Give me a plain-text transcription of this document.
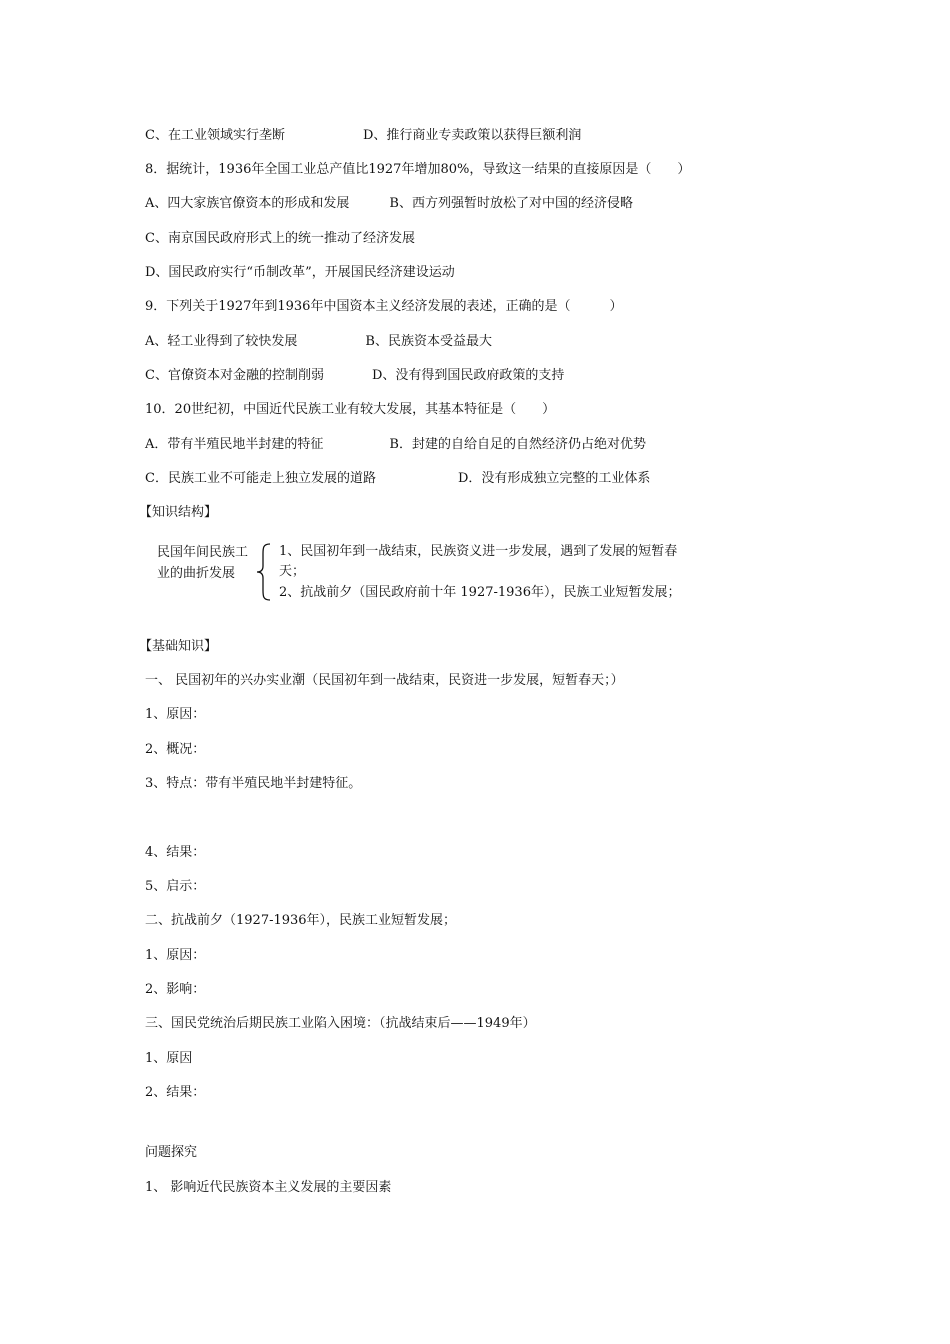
C、在工业领域实行垄断	D、推行商业专卖政策以获得巨额利润
8．据统计，1936年全国工业总产值比1927年增加80%，导致这一结果的直接原因是（　　）
A、四大家族官僚资本的形成和发展	B、西方列强暂时放松了对中国的经济侵略
C、南京国民政府形式上的统一推动了经济发展
D、国民政府实行“币制改革”，开展国民经济建设运动
9．下列关于1927年到1936年中国资本主义经济发展的表述，正确的是（　　　）
A、轻工业得到了较快发展	B、民族资本受益最大
C、官僚资本对金融的控制削弱	D、没有得到国民政府政策的支持
10．20世纪初，中国近代民族工业有较大发展，其基本特征是（　　）
A．带有半殖民地半封建的特征	B．封建的自给自足的自然经济仍占绝对优势
C．民族工业不可能走上独立发展的道路	D．没有形成独立完整的工业体系
【知识结构】
民国年间民族工业的曲折发展
1、民国初年到一战结束，民族资义进一步发展，遇到了发展的短暂春
天；
2、抗战前夕（国民政府前十年 1927-1936年），民族工业短暂发展；
【基础知识】
一、 民国初年的兴办实业潮（民国初年到一战结束，民资进一步发展，短暂春天；）
1、原因：
2、概况：
3、特点：带有半殖民地半封建特征。
4、结果：
5、启示：
二、抗战前夕（1927-1936年），民族工业短暂发展；
1、原因：
2、影响：
三、国民党统治后期民族工业陷入困境：（抗战结束后——1949年）
1、原因
2、结果：
问题探究
1、 影响近代民族资本主义发展的主要因素
